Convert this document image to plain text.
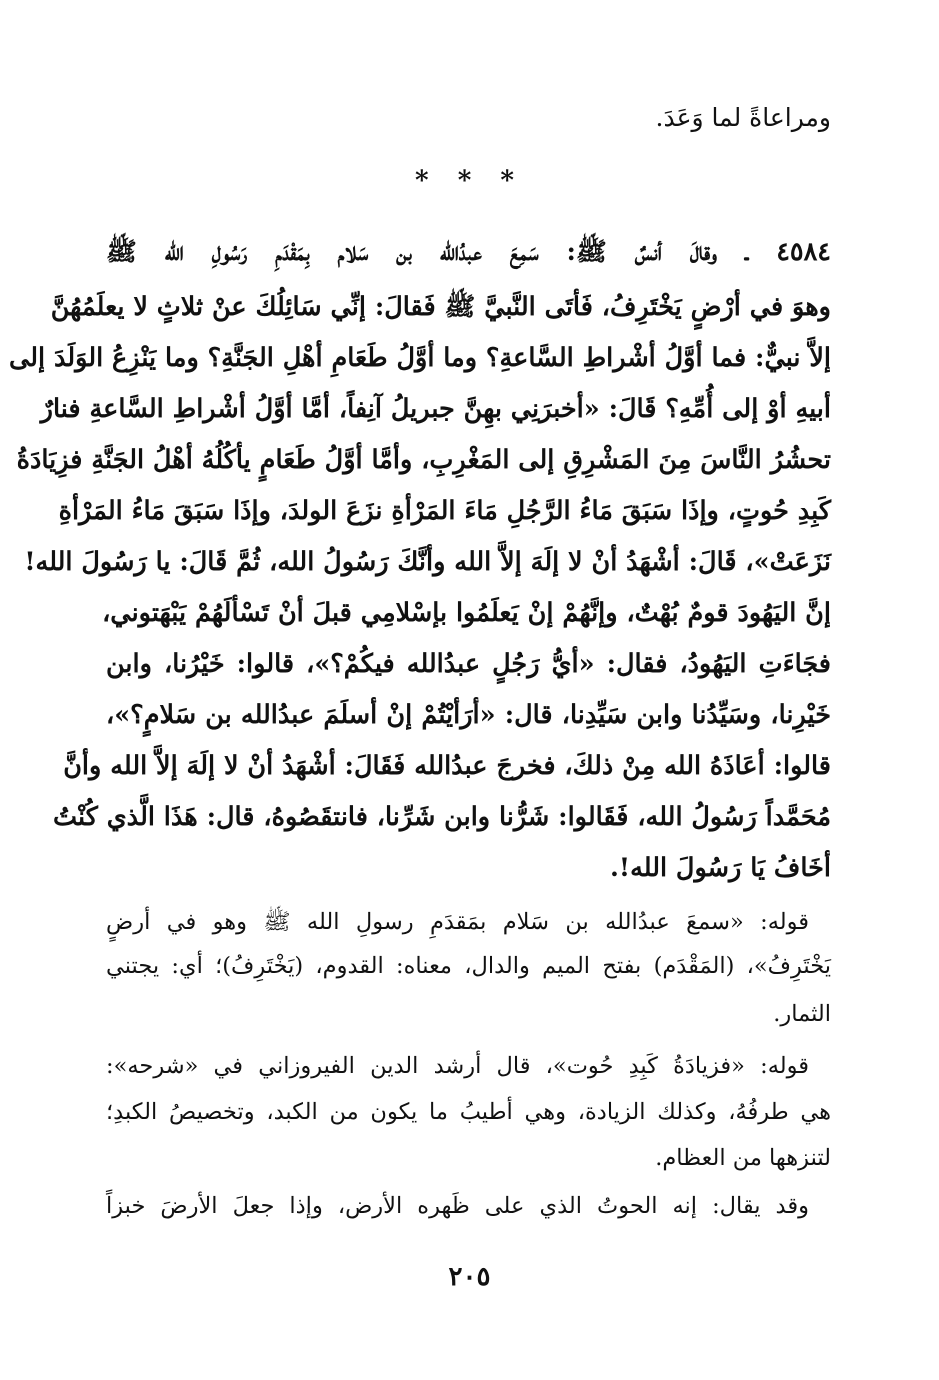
ومراعاةً لما وَعَدَ.
* * *
٤٥٨٤ ـ وقالَ أنسٌ ﷺ: سَمِعَ عبدُالله بن سَلام بِمَقْدَمِ رَسُولِ الله ﷺ
وهوَ في أرْضٍ يَخْتَرِفُ، فَأتَى النَّبيَّ ﷺ فَقالَ: إنِّي سَائِلُكَ عنْ ثلاثٍ لا يعلَمُهُنَّ
إلاَّ نبيٌّ: فما أوَّلُ أشْراطِ السَّاعةِ؟ وما أوَّلُ طَعَامِ أهْلِ الجَنَّةِ؟ وما يَنْزِعُ الوَلَدَ إلى
أبيهِ أوْ إلى أُمِّهِ؟ قَالَ: «أخبرَنِي بهِنَّ جبريلُ آنِفاً، أمَّا أوَّلُ أشْراطِ السَّاعةِ فنارٌ
تحشُرُ النَّاسَ مِنَ المَشْرِقِ إلى المَغْرِبِ، وأمَّا أوَّلُ طَعَامٍ يأكُلُهُ أهْلُ الجَنَّةِ فزِيَادَةُ
كَبِدِ حُوتٍ، وإذَا سَبَقَ مَاءُ الرَّجُلِ مَاءَ المَرْأةِ نزَعَ الولدَ، وإذَا سَبَقَ مَاءُ المَرْأةِ
نَزَعَتْ»، قَالَ: أشْهَدُ أنْ لا إلَهَ إلاَّ الله وأنَّكَ رَسُولُ الله، ثُمَّ قَالَ: يا رَسُولَ الله!
إنَّ اليَهُودَ قومٌ بُهْتٌ، وإنَّهُمْ إنْ يَعلَمُوا بإسْلامِي قبلَ أنْ تَسْألَهُمْ يَبْهَتوني،
فجَاءَتِ اليَهُودُ، فقال: «أيُّ رَجُلٍ عبدُالله فيكُمْ؟»، قالوا: خَيْرُنا، وابن
خَيْرِنا، وسَيِّدُنا وابن سَيِّدِنا، قال: «أرَأيْتُمْ إنْ أسلَمَ عبدُالله بن سَلامٍ؟»،
قالوا: أعَاذَهُ الله مِنْ ذلكَ، فخرجَ عبدُالله فَقَالَ: أشْهَدُ أنْ لا إلَهَ إلاَّ الله وأنَّ
مُحَمَّداً رَسُولُ الله، فَقَالوا: شَرُّنا وابن شَرِّنا، فانتقَصُوهُ، قال: هَذَا الَّذي كُنْتُ
أخَافُ يَا رَسُولَ الله!.
قوله: «سمعَ عبدُالله بن سَلام بمَقدَمِ رسولِ الله ﷺ وهو في أرضٍ
يَخْتَرِفُ»، (المَقْدَم) بفتح الميم والدال، معناه: القدوم، (يَخْتَرِفُ)؛ أي: يجتني
الثمار.
قوله: «فزيادَةُ كَبِدِ حُوت»، قال أرشد الدين الفيروزاني في «شرحه»:
هي طرفُهُ، وكذلك الزيادة، وهي أطيبُ ما يكون من الكبد، وتخصيصُ الكبدِ؛
لتنزهها من العظام.
وقد يقال: إنه الحوتُ الذي على ظَهره الأرض، وإذا جعلَ الأرضَ خبزاً
٢٠٥
